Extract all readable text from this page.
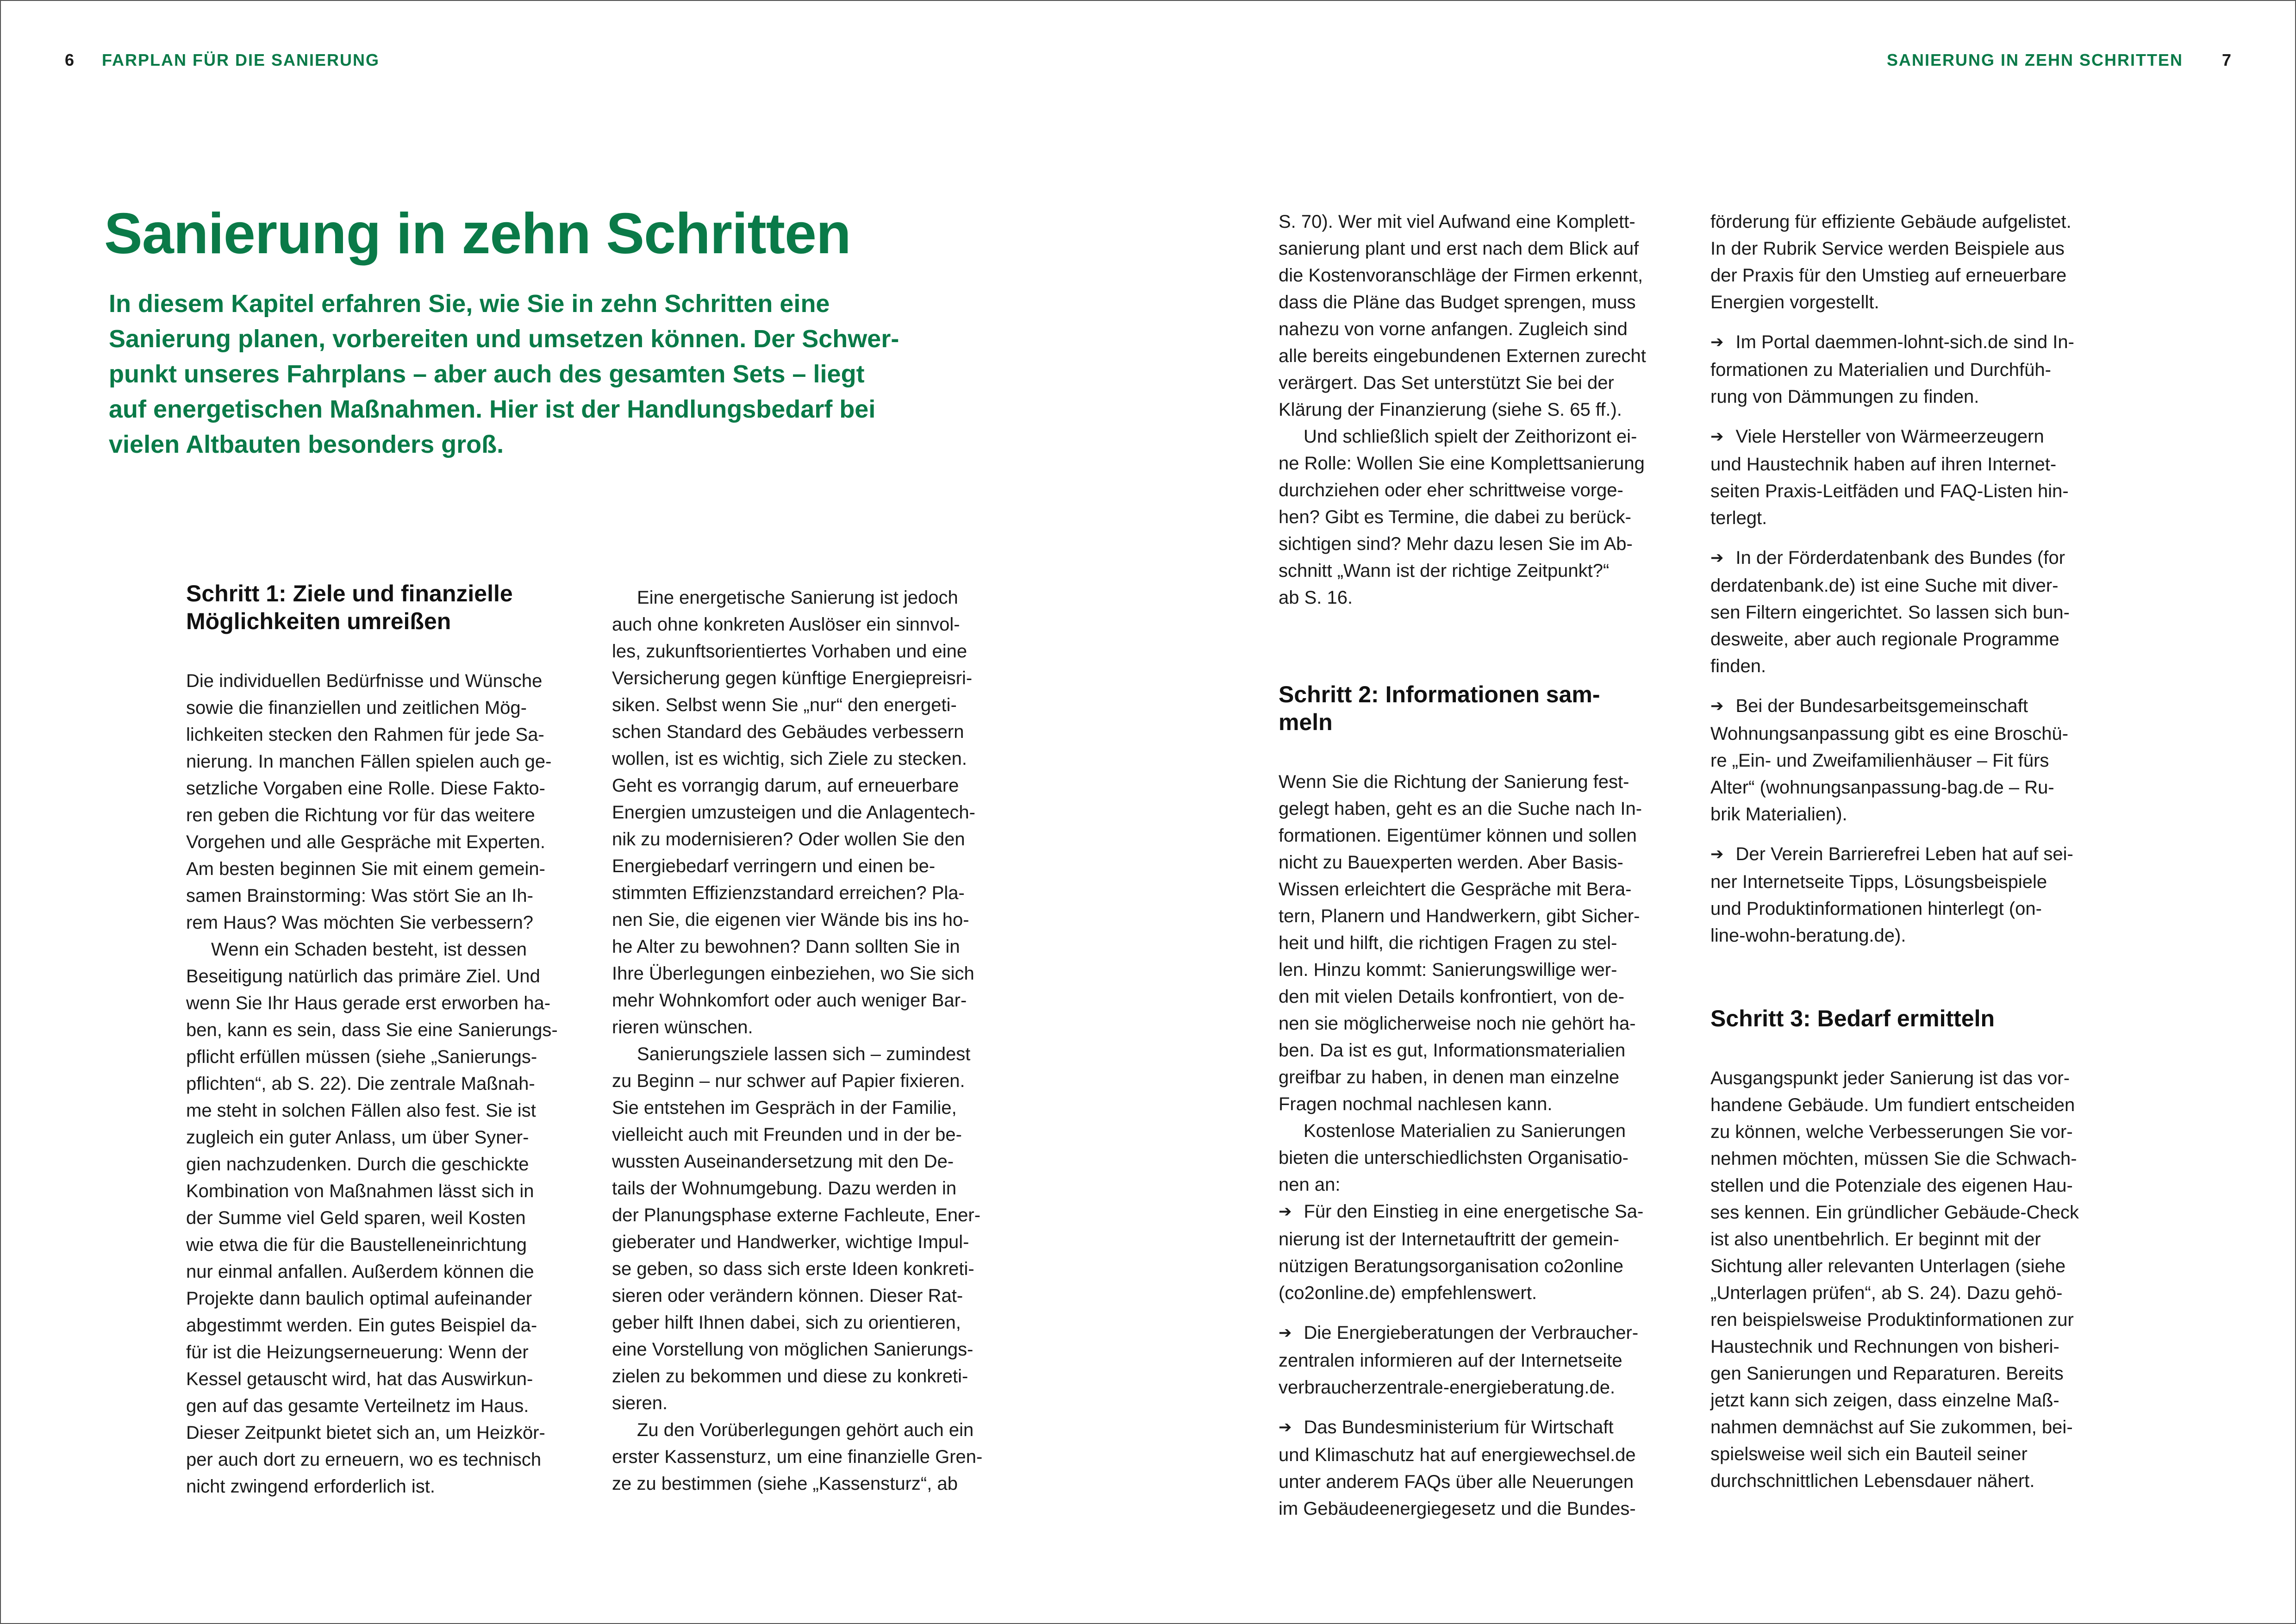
6 FARPLAN FÜR DIE SANIERUNG	SANIERUNG IN ZEHN SCHRITTEN 7
Sanierung in zehn Schritten
In diesem Kapitel erfahren Sie, wie Sie in zehn Schritten eine
Sanierung planen, vorbereiten und umsetzen können. Der Schwer-
punkt unseres Fahrplans – aber auch des gesamten Sets – liegt
auf energetischen Maßnahmen. Hier ist der Handlungsbedarf bei
vielen Altbauten besonders groß.
Schritt 1: Ziele und finanzielle
Möglichkeiten umreißen

Die individuellen Bedürfnisse und Wünsche
sowie die finanziellen und zeitlichen Mög-
lichkeiten stecken den Rahmen für jede Sa-
nierung. In manchen Fällen spielen auch ge-
setzliche Vorgaben eine Rolle. Diese Fakto-
ren geben die Richtung vor für das weitere
Vorgehen und alle Gespräche mit Experten.
Am besten beginnen Sie mit einem gemein-
samen Brainstorming: Was stört Sie an Ih-
rem Haus? Was möchten Sie verbessern?

Wenn ein Schaden besteht, ist dessen
Beseitigung natürlich das primäre Ziel. Und
wenn Sie Ihr Haus gerade erst erworben ha-
ben, kann es sein, dass Sie eine Sanierungs-
pflicht erfüllen müssen (siehe „Sanierungs-
pflichten“, ab S. 22). Die zentrale Maßnah-
me steht in solchen Fällen also fest. Sie ist
zugleich ein guter Anlass, um über Syner-
gien nachzudenken. Durch die geschickte
Kombination von Maßnahmen lässt sich in
der Summe viel Geld sparen, weil Kosten
wie etwa die für die Baustelleneinrichtung
nur einmal anfallen. Außerdem können die
Projekte dann baulich optimal aufeinander
abgestimmt werden. Ein gutes Beispiel da-
für ist die Heizungserneuerung: Wenn der
Kessel getauscht wird, hat das Auswirkun-
gen auf das gesamte Verteilnetz im Haus.
Dieser Zeitpunkt bietet sich an, um Heizkör-
per auch dort zu erneuern, wo es technisch
nicht zwingend erforderlich ist.

Eine energetische Sanierung ist jedoch
auch ohne konkreten Auslöser ein sinnvol-
les, zukunftsorientiertes Vorhaben und eine
Versicherung gegen künftige Energiepreisri-
siken. Selbst wenn Sie „nur“ den energeti-
schen Standard des Gebäudes verbessern
wollen, ist es wichtig, sich Ziele zu stecken.
Geht es vorrangig darum, auf erneuerbare
Energien umzusteigen und die Anlagentech-
nik zu modernisieren? Oder wollen Sie den
Energiebedarf verringern und einen be-
stimmten Effizienzstandard erreichen? Pla-
nen Sie, die eigenen vier Wände bis ins ho-
he Alter zu bewohnen? Dann sollten Sie in
Ihre Überlegungen einbeziehen, wo Sie sich
mehr Wohnkomfort oder auch weniger Bar-
rieren wünschen.

Sanierungsziele lassen sich – zumindest
zu Beginn – nur schwer auf Papier fixieren.
Sie entstehen im Gespräch in der Familie,
vielleicht auch mit Freunden und in der be-
wussten Auseinandersetzung mit den De-
tails der Wohnumgebung. Dazu werden in
der Planungsphase externe Fachleute, Ener-
gieberater und Handwerker, wichtige Impul-
se geben, so dass sich erste Ideen konkreti-
sieren oder verändern können. Dieser Rat-
geber hilft Ihnen dabei, sich zu orientieren,
eine Vorstellung von möglichen Sanierungs-
zielen zu bekommen und diese zu konkreti-
sieren.

Zu den Vorüberlegungen gehört auch ein
erster Kassensturz, um eine finanzielle Gren-
ze zu bestimmen (siehe „Kassensturz“, ab

S. 70). Wer mit viel Aufwand eine Komplett-
sanierung plant und erst nach dem Blick auf
die Kostenvoranschläge der Firmen erkennt,
dass die Pläne das Budget sprengen, muss
nahezu von vorne anfangen. Zugleich sind
alle bereits eingebundenen Externen zurecht
verärgert. Das Set unterstützt Sie bei der
Klärung der Finanzierung (siehe S. 65 ff.).

Und schließlich spielt der Zeithorizont ei-
ne Rolle: Wollen Sie eine Komplettsanierung
durchziehen oder eher schrittweise vorge-
hen? Gibt es Termine, die dabei zu berück-
sichtigen sind? Mehr dazu lesen Sie im Ab-
schnitt „Wann ist der richtige Zeitpunkt?“
ab S. 16.

Schritt 2: Informationen sam-
meln

Wenn Sie die Richtung der Sanierung fest-
gelegt haben, geht es an die Suche nach In-
formationen. Eigentümer können und sollen
nicht zu Bauexperten werden. Aber Basis-
Wissen erleichtert die Gespräche mit Bera-
tern, Planern und Handwerkern, gibt Sicher-
heit und hilft, die richtigen Fragen zu stel-
len. Hinzu kommt: Sanierungswillige wer-
den mit vielen Details konfrontiert, von de-
nen sie möglicherweise noch nie gehört ha-
ben. Da ist es gut, Informationsmaterialien
greifbar zu haben, in denen man einzelne
Fragen nochmal nachlesen kann.

Kostenlose Materialien zu Sanierungen
bieten die unterschiedlichsten Organisatio-
nen an:

➔ Für den Einstieg in eine energetische Sa-
nierung ist der Internetauftritt der gemein-
nützigen Beratungsorganisation co2online
(co2online.de) empfehlenswert.

➔ Die Energieberatungen der Verbraucher-
zentralen informieren auf der Internetseite
verbraucherzentrale-energieberatung.de.

➔ Das Bundesministerium für Wirtschaft
und Klimaschutz hat auf energiewechsel.de
unter anderem FAQs über alle Neuerungen
im Gebäudeenergiegesetz und die Bundes-

förderung für effiziente Gebäude aufgelistet.
In der Rubrik Service werden Beispiele aus
der Praxis für den Umstieg auf erneuerbare
Energien vorgestellt.

➔ Im Portal daemmen-lohnt-sich.de sind In-
formationen zu Materialien und Durchfüh-
rung von Dämmungen zu finden.

➔ Viele Hersteller von Wärmeerzeugern
und Haustechnik haben auf ihren Internet-
seiten Praxis-Leitfäden und FAQ-Listen hin-
terlegt.

➔ In der Förderdatenbank des Bundes (for
derdatenbank.de) ist eine Suche mit diver-
sen Filtern eingerichtet. So lassen sich bun-
desweite, aber auch regionale Programme
finden.

➔ Bei der Bundesarbeitsgemeinschaft
Wohnungsanpassung gibt es eine Broschü-
re „Ein- und Zweifamilienhäuser – Fit fürs
Alter“ (wohnungsanpassung-bag.de – Ru-
brik Materialien).

➔ Der Verein Barrierefrei Leben hat auf sei-
ner Internetseite Tipps, Lösungsbeispiele
und Produktinformationen hinterlegt (on-
line-wohn-beratung.de).

Schritt 3: Bedarf ermitteln

Ausgangspunkt jeder Sanierung ist das vor-
handene Gebäude. Um fundiert entscheiden
zu können, welche Verbesserungen Sie vor-
nehmen möchten, müssen Sie die Schwach-
stellen und die Potenziale des eigenen Hau-
ses kennen. Ein gründlicher Gebäude-Check
ist also unentbehrlich. Er beginnt mit der
Sichtung aller relevanten Unterlagen (siehe
„Unterlagen prüfen“, ab S. 24). Dazu gehö-
ren beispielsweise Produktinformationen zur
Haustechnik und Rechnungen von bisheri-
gen Sanierungen und Reparaturen. Bereits
jetzt kann sich zeigen, dass einzelne Maß-
nahmen demnächst auf Sie zukommen, bei-
spielsweise weil sich ein Bauteil seiner
durchschnittlichen Lebensdauer nähert.
